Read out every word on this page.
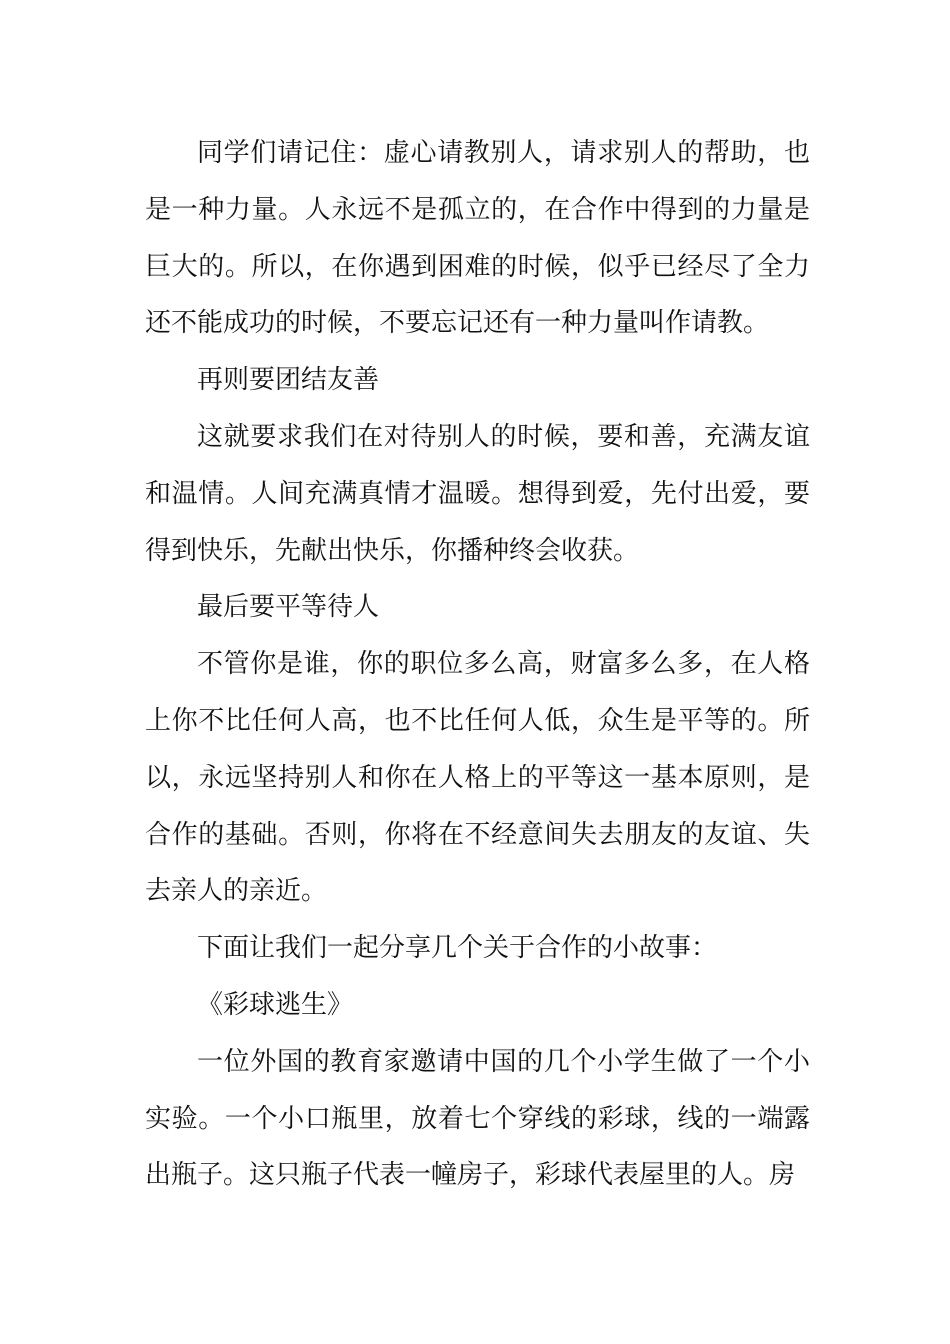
同学们请记住：虚心请教别人，请求别人的帮助，也是一种力量。人永远不是孤立的，在合作中得到的力量是巨大的。所以，在你遇到困难的时候，似乎已经尽了全力还不能成功的时候，不要忘记还有一种力量叫作请教。

再则要团结友善

这就要求我们在对待别人的时候，要和善，充满友谊和温情。人间充满真情才温暖。想得到爱，先付出爱，要得到快乐，先献出快乐，你播种终会收获。

最后要平等待人

不管你是谁，你的职位多么高，财富多么多，在人格上你不比任何人高，也不比任何人低，众生是平等的。所以，永远坚持别人和你在人格上的平等这一基本原则，是合作的基础。否则，你将在不经意间失去朋友的友谊、失去亲人的亲近。

下面让我们一起分享几个关于合作的小故事：

《彩球逃生》

一位外国的教育家邀请中国的几个小学生做了一个小实验。一个小口瓶里，放着七个穿线的彩球，线的一端露出瓶子。这只瓶子代表一幢房子，彩球代表屋里的人。房
